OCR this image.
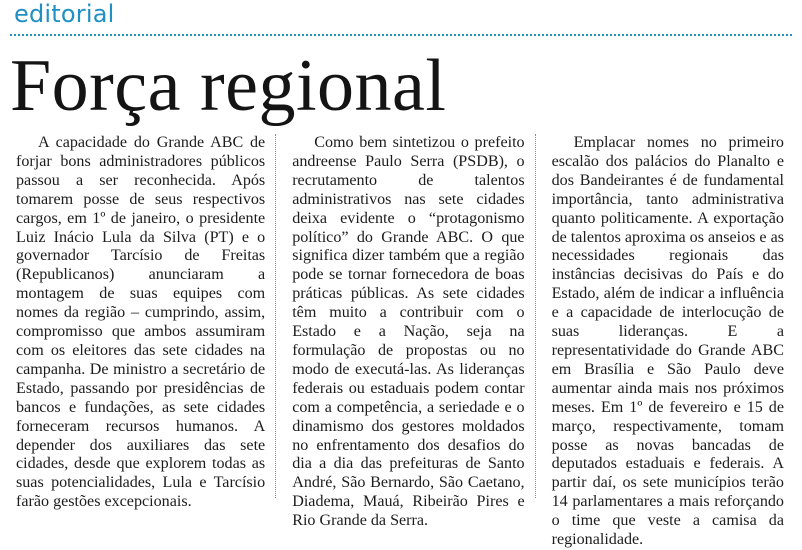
editorial
Força regional

A capacidade do Grande ABC de forjar bons administradores públicos passou a ser reconhecida. Após tomarem posse de seus respectivos cargos, em 1º de janeiro, o presidente Luiz Inácio Lula da Silva (PT) e o governador Tarcísio de Freitas (Republicanos) anunciaram a montagem de suas equipes com nomes da região – cumprindo, assim, compromisso que ambos assumiram com os eleitores das sete cidades na campanha. De ministro a secretário de Estado, passando por presidências de bancos e fundações, as sete cidades forneceram recursos humanos. A depender dos auxiliares das sete cidades, desde que explorem todas as suas potencialidades, Lula e Tarcísio farão gestões excepcionais.

Como bem sintetizou o prefeito andreense Paulo Serra (PSDB), o recrutamento de talentos administrativos nas sete cidades deixa evidente o “protagonismo político” do Grande ABC. O que significa dizer também que a região pode se tornar fornecedora de boas práticas públicas. As sete cidades têm muito a contribuir com o Estado e a Nação, seja na formulação de propostas ou no modo de executá-las. As lideranças federais ou estaduais podem contar com a competência, a seriedade e o dinamismo dos gestores moldados no enfrentamento dos desafios do dia a dia das prefeituras de Santo André, São Bernardo, São Caetano, Diadema, Mauá, Ribeirão Pires e Rio Grande da Serra.

Emplacar nomes no primeiro escalão dos palácios do Planalto e dos Bandeirantes é de fundamental importância, tanto administrativa quanto politicamente. A exportação de talentos aproxima os anseios e as necessidades regionais das instâncias decisivas do País e do Estado, além de indicar a influência e a capacidade de interlocução de suas lideranças. E a representatividade do Grande ABC em Brasília e São Paulo deve aumentar ainda mais nos próximos meses. Em 1º de fevereiro e 15 de março, respectivamente, tomam posse as novas bancadas de deputados estaduais e federais. A partir daí, os sete municípios terão 14 parlamentares a mais reforçando o time que veste a camisa da regionalidade.
